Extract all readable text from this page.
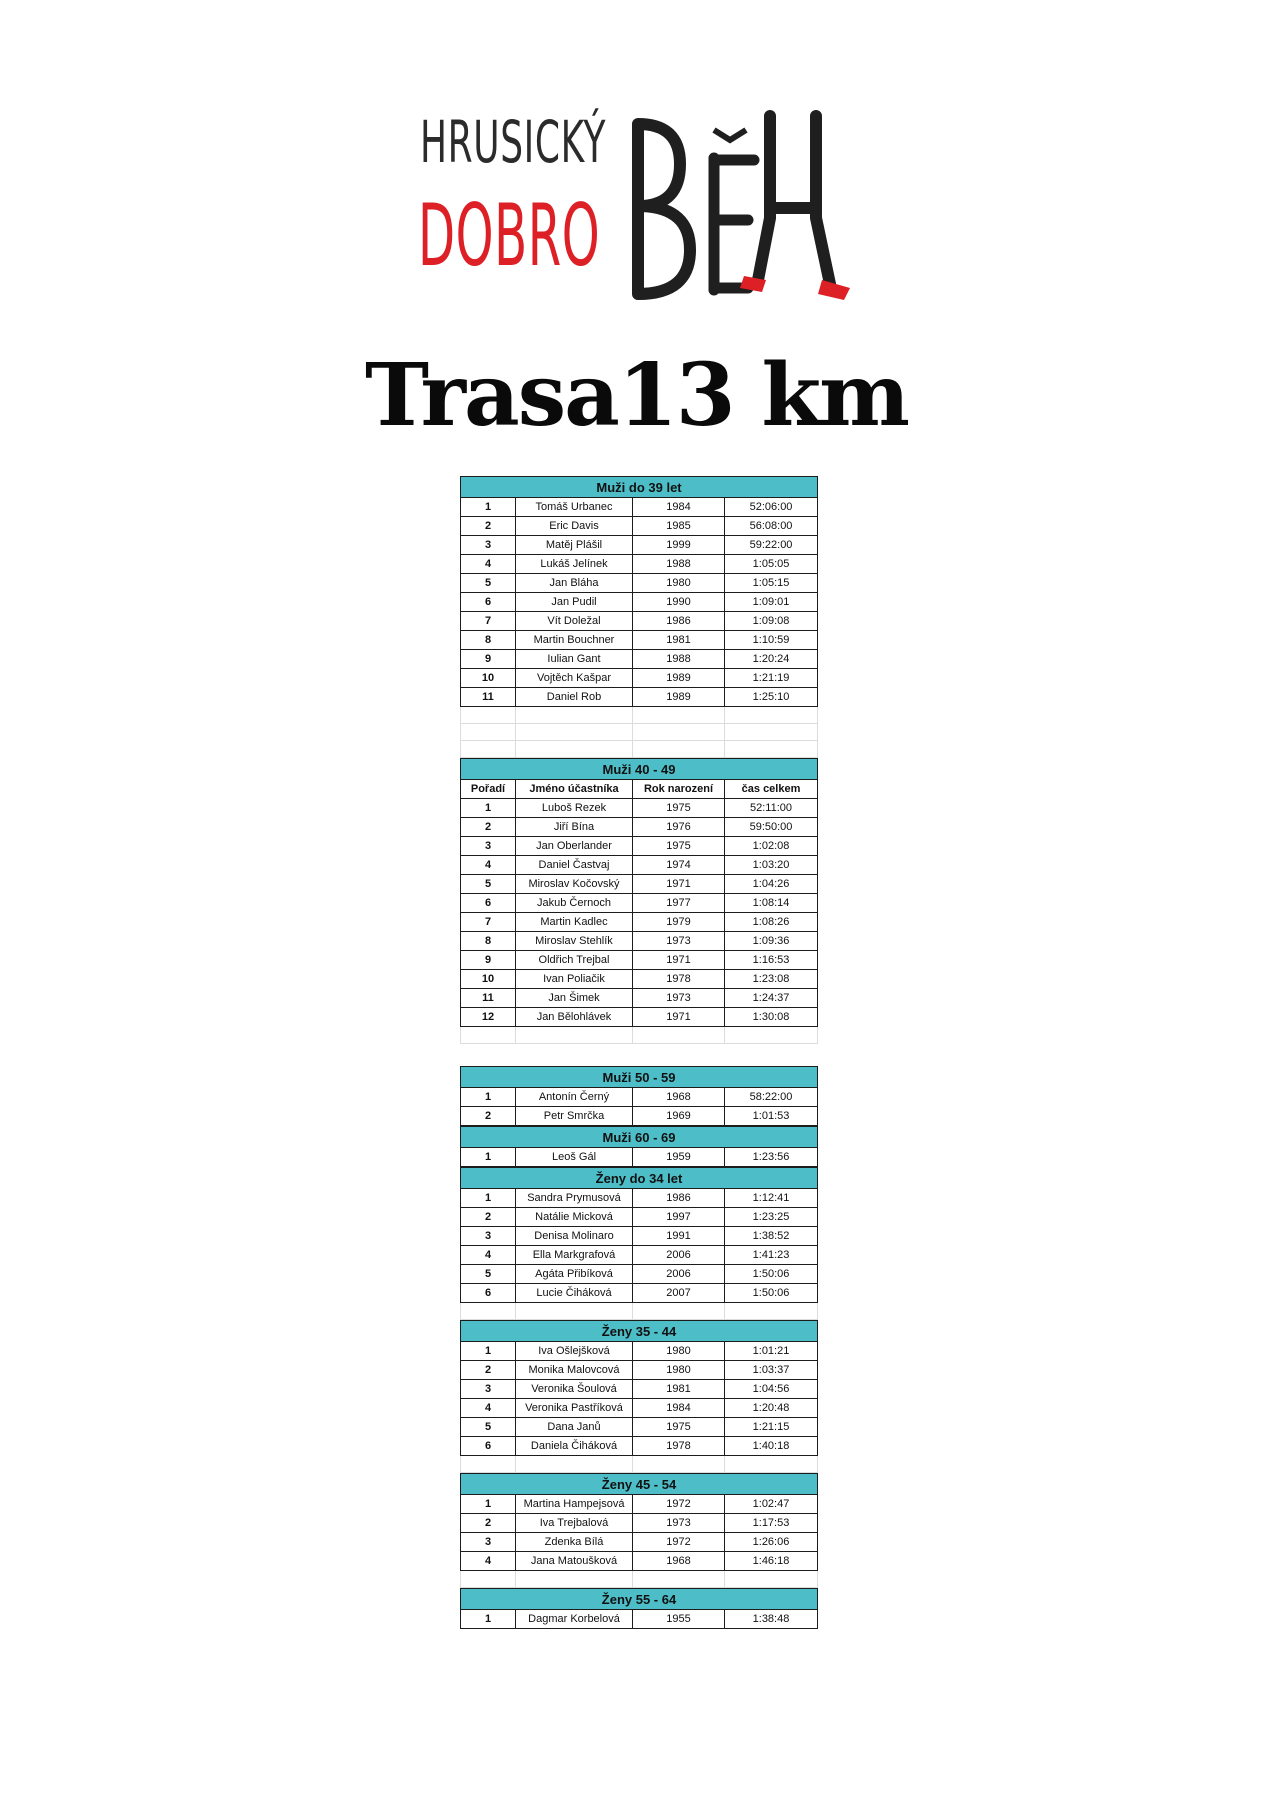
HRUSICKÝ
DOBRO
Trasa13 km
Muži do 39 let			
1	Tomáš Urbanec	1984	52:06:00
2	Eric Davis	1985	56:08:00
3	Matěj Plášil	1999	59:22:00
4	Lukáš Jelínek	1988	1:05:05
5	Jan Bláha	1980	1:05:15
6	Jan Pudil	1990	1:09:01
7	Vít Doležal	1986	1:09:08
8	Martin Bouchner	1981	1:10:59
9	Iulian Gant	1988	1:20:24
10	Vojtěch Kašpar	1989	1:21:19
11	Daniel Rob	1989	1:25:10

Muži 40 - 49			
Pořadí	Jméno účastníka	Rok narození	čas celkem
1	Luboš Rezek	1975	52:11:00
2	Jiří Bína	1976	59:50:00
3	Jan Oberlander	1975	1:02:08
4	Daniel Častvaj	1974	1:03:20
5	Miroslav Kočovský	1971	1:04:26
6	Jakub Černoch	1977	1:08:14
7	Martin Kadlec	1979	1:08:26
8	Miroslav Stehlík	1973	1:09:36
9	Oldřich Trejbal	1971	1:16:53
10	Ivan Poliačik	1978	1:23:08
11	Jan Šimek	1973	1:24:37
12	Jan Bělohlávek	1971	1:30:08

Muži 50 - 59			
1	Antonín Černý	1968	58:22:00
2	Petr Smrčka	1969	1:01:53
Muži 60 - 69
1	Leoš Gál	1959	1:23:56
Ženy do 34 let			
1	Sandra Prymusová	1986	1:12:41
2	Natálie Micková	1997	1:23:25
3	Denisa Molinaro	1991	1:38:52
4	Ella Markgrafová	2006	1:41:23
5	Agáta Přibíková	2006	1:50:06
6	Lucie Čiháková	2007	1:50:06

Ženy 35 - 44			
1	Iva Ošlejšková	1980	1:01:21
2	Monika Malovcová	1980	1:03:37
3	Veronika Šoulová	1981	1:04:56
4	Veronika Pastříková	1984	1:20:48
5	Dana Janů	1975	1:21:15
6	Daniela Čiháková	1978	1:40:18

Ženy 45 - 54			
1	Martina Hampejsová	1972	1:02:47
2	Iva Trejbalová	1973	1:17:53
3	Zdenka Bílá	1972	1:26:06
4	Jana Matoušková	1968	1:46:18

Ženy 55 - 64
1	Dagmar Korbelová	1955	1:38:48
